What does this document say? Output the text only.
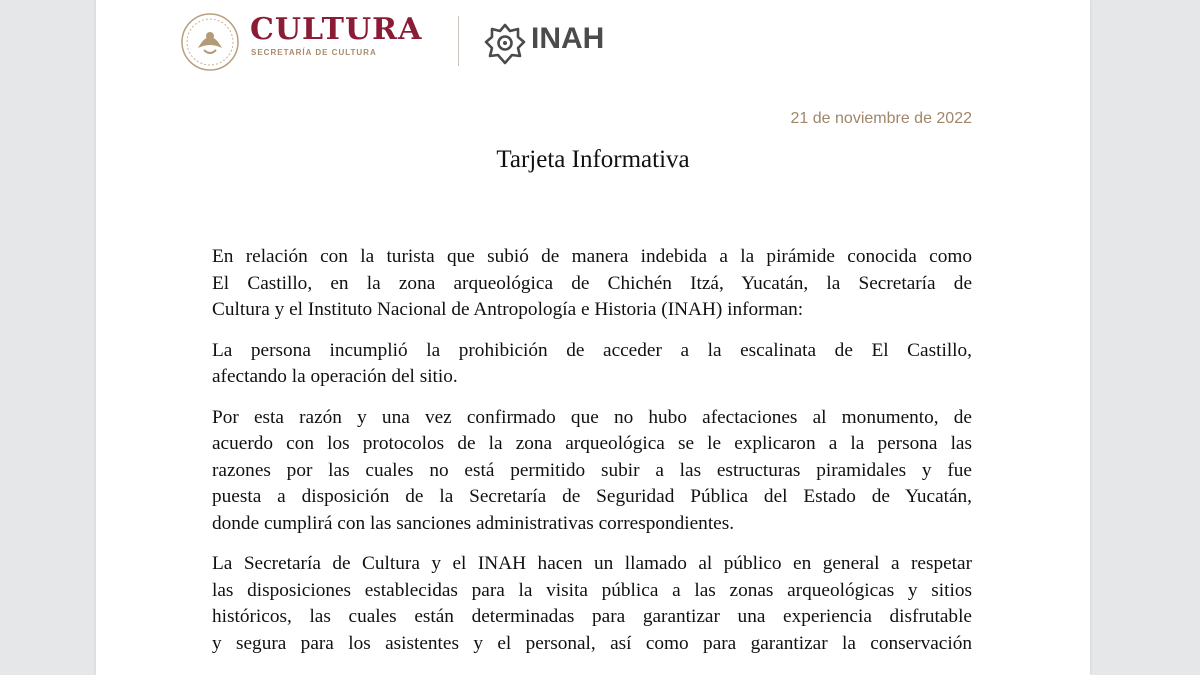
CULTURA
SECRETARÍA DE CULTURA	INAH
21 de noviembre de 2022
Tarjeta Informativa

En relación con la turista que subió de manera indebida a la pirámide conocida como
El Castillo, en la zona arqueológica de Chichén Itzá, Yucatán, la Secretaría de
Cultura y el Instituto Nacional de Antropología e Historia (INAH) informan:

La persona incumplió la prohibición de acceder a la escalinata de El Castillo,
afectando la operación del sitio.

Por esta razón y una vez confirmado que no hubo afectaciones al monumento, de
acuerdo con los protocolos de la zona arqueológica se le explicaron a la persona las
razones por las cuales no está permitido subir a las estructuras piramidales y fue
puesta a disposición de la Secretaría de Seguridad Pública del Estado de Yucatán,
donde cumplirá con las sanciones administrativas correspondientes.

La Secretaría de Cultura y el INAH hacen un llamado al público en general a respetar
las disposiciones establecidas para la visita pública a las zonas arqueológicas y sitios
históricos, las cuales están determinadas para garantizar una experiencia disfrutable
y segura para los asistentes y el personal, así como para garantizar la conservación
